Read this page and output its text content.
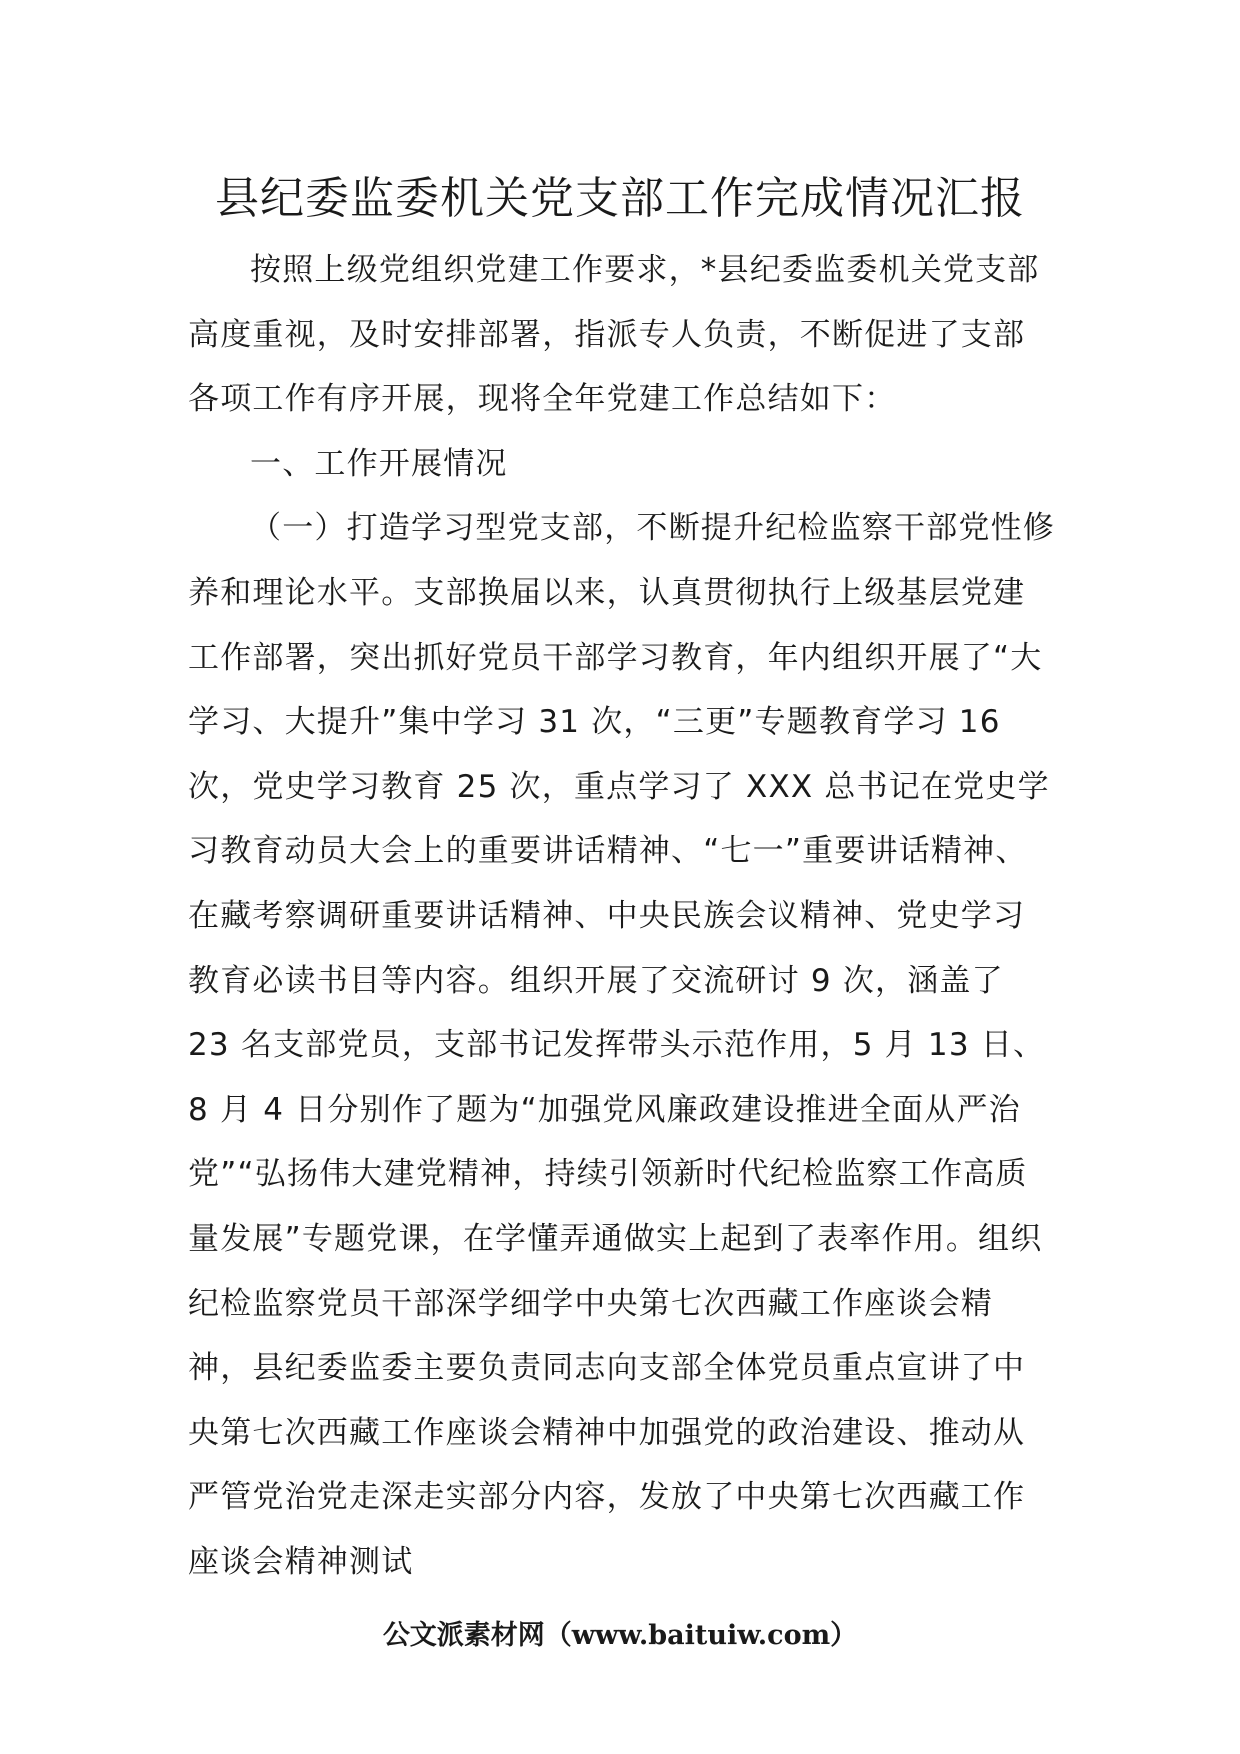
县纪委监委机关党支部工作完成情况汇报

按照上级党组织党建工作要求，*县纪委监委机关党支部高度重视，及时安排部署，指派专人负责，不断促进了支部各项工作有序开展，现将全年党建工作总结如下：

一、工作开展情况

（一）打造学习型党支部，不断提升纪检监察干部党性修养和理论水平。支部换届以来，认真贯彻执行上级基层党建工作部署，突出抓好党员干部学习教育，年内组织开展了“大学习、大提升”集中学习 31 次，“三更”专题教育学习 16 次，党史学习教育 25 次，重点学习了 XXX 总书记在党史学习教育动员大会上的重要讲话精神、“七一”重要讲话精神、在藏考察调研重要讲话精神、中央民族会议精神、党史学习教育必读书目等内容。组织开展了交流研讨 9 次，涵盖了 23 名支部党员，支部书记发挥带头示范作用，5 月 13 日、8 月 4 日分别作了题为“加强党风廉政建设推进全面从严治党”“弘扬伟大建党精神，持续引领新时代纪检监察工作高质量发展”专题党课，在学懂弄通做实上起到了表率作用。组织纪检监察党员干部深学细学中央第七次西藏工作座谈会精神，县纪委监委主要负责同志向支部全体党员重点宣讲了中央第七次西藏工作座谈会精神中加强党的政治建设、推动从严管党治党走深走实部分内容，发放了中央第七次西藏工作座谈会精神测试

公文派素材网（www.baituiw.com）
